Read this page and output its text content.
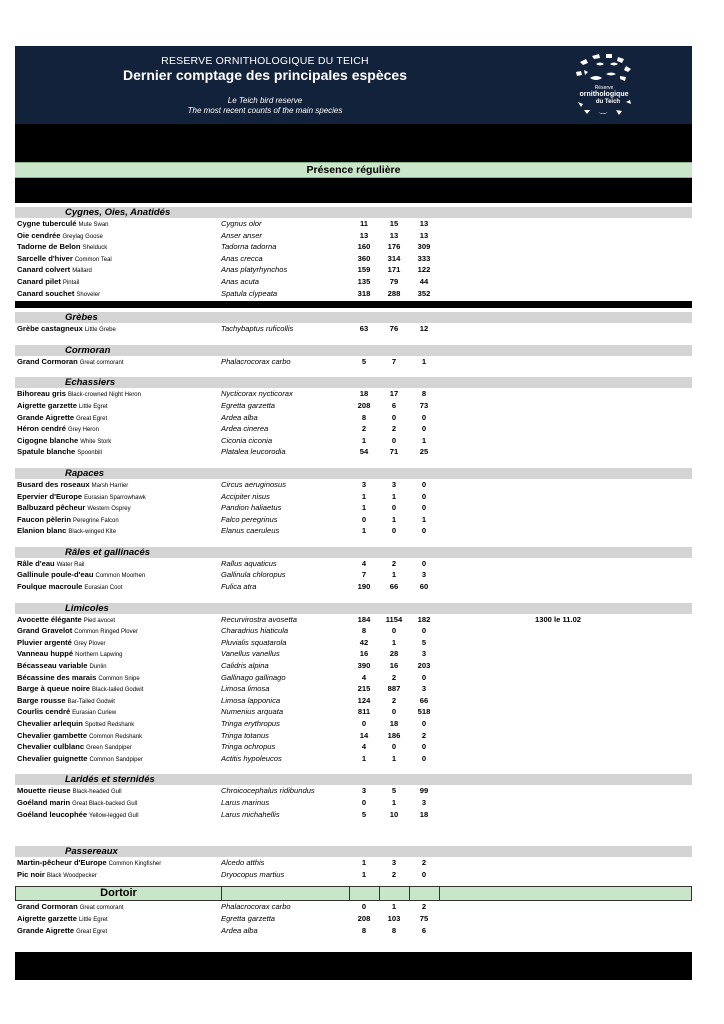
RESERVE ORNITHOLOGIQUE DU TEICH
Dernier comptage des principales espèces
Le Teich bird reserve
The most recent counts of the main species
Réserve
ornithologique
du Teich
Présence régulière
Cygnes, Oies, Anatidés
Cygne tuberculé Mute Swan	Cygnus olor	11	15	13
Oie cendrée Greylag Goose	Anser anser	13	13	13
Tadorne de Belon Shelduck	Tadorna tadorna	160	176	309
Sarcelle d'hiver Common Teal	Anas crecca	360	314	333
Canard colvert Mallard	Anas platyrhynchos	159	171	122
Canard pilet Pintail	Anas acuta	135	79	44
Canard souchet Shoveler	Spatula clypeata	318	288	352
Grèbes
Grèbe castagneux Little Grebe	Tachybaptus ruficollis	63	76	12
Cormoran
Grand Cormoran Great cormorant	Phalacrocorax carbo	5	7	1
Echassiers
Bihoreau gris Black-crowned Night Heron	Nycticorax nycticorax	18	17	8
Aigrette garzette Little Egret	Egretta garzetta	208	6	73
Grande Aigrette Great Egret	Ardea alba	8	0	0
Héron cendré Grey Heron	Ardea cinerea	2	2	0
Cigogne blanche White Stork	Ciconia ciconia	1	0	1
Spatule blanche Spoonbill	Platalea leucorodia	54	71	25
Rapaces
Busard des roseaux Marsh Harrier	Circus aeruginosus	3	3	0
Epervier d'Europe Eurasian Sparrowhawk	Accipiter nisus	1	1	0
Balbuzard pêcheur Western Osprey	Pandion haliaetus	1	0	0
Faucon pèlerin Peregrine Falcon	Falco peregrinus	0	1	1
Elanion blanc Black-winged Kite	Elanus caeruleus	1	0	0
Râles et gallinacés
Râle d'eau Water Rail	Rallus aquaticus	4	2	0
Gallinule poule-d'eau Common Moorhen	Gallinula chloropus	7	1	3
Foulque macroule Eurasian Coot	Fulica atra	190	66	60
Limicoles
Avocette élégante Pied avocet	Recurvirostra avosetta	184	1154	182	1300 le 11.02
Grand Gravelot Common Ringed Plover	Charadrius hiaticula	8	0	0
Pluvier argenté Grey Plover	Pluvialis squatarola	42	1	5
Vanneau huppé Northern Lapwing	Vanellus vanellus	16	28	3
Bécasseau variable Dunlin	Calidris alpina	390	16	203
Bécassine des marais Common Snipe	Gallinago gallinago	4	2	0
Barge à queue noire Black-tailed Godwit	Limosa limosa	215	887	3
Barge rousse Bar-Tailed Godwit	Limosa lapponica	124	2	66
Courlis cendré Eurasian Curlew	Numenius arquata	811	0	518
Chevalier arlequin Spotted Redshank	Tringa erythropus	0	18	0
Chevalier gambette Common Redshank	Tringa totanus	14	186	2
Chevalier culblanc Green Sandpiper	Tringa ochropus	4	0	0
Chevalier guignette Common Sandpiper	Actitis hypoleucos	1	1	0
Laridés et sternidés
Mouette rieuse Black-headed Gull	Chroicocephalus ridibundus	3	5	99
Goéland marin Great Black-backed Gull	Larus marinus	0	1	3
Goéland leucophée Yellow-legged Gull	Larus michahellis	5	10	18
Passereaux
Martin-pêcheur d'Europe Common Kingfisher	Alcedo atthis	1	3	2
Pic noir Black Woodpecker	Dryocopus martius	1	2	0
Dortoir
Grand Cormoran Great cormorant	Phalacrocorax carbo	0	1	2
Aigrette garzette Little Egret	Egretta garzetta	208	103	75
Grande Aigrette Great Egret	Ardea alba	8	8	6
